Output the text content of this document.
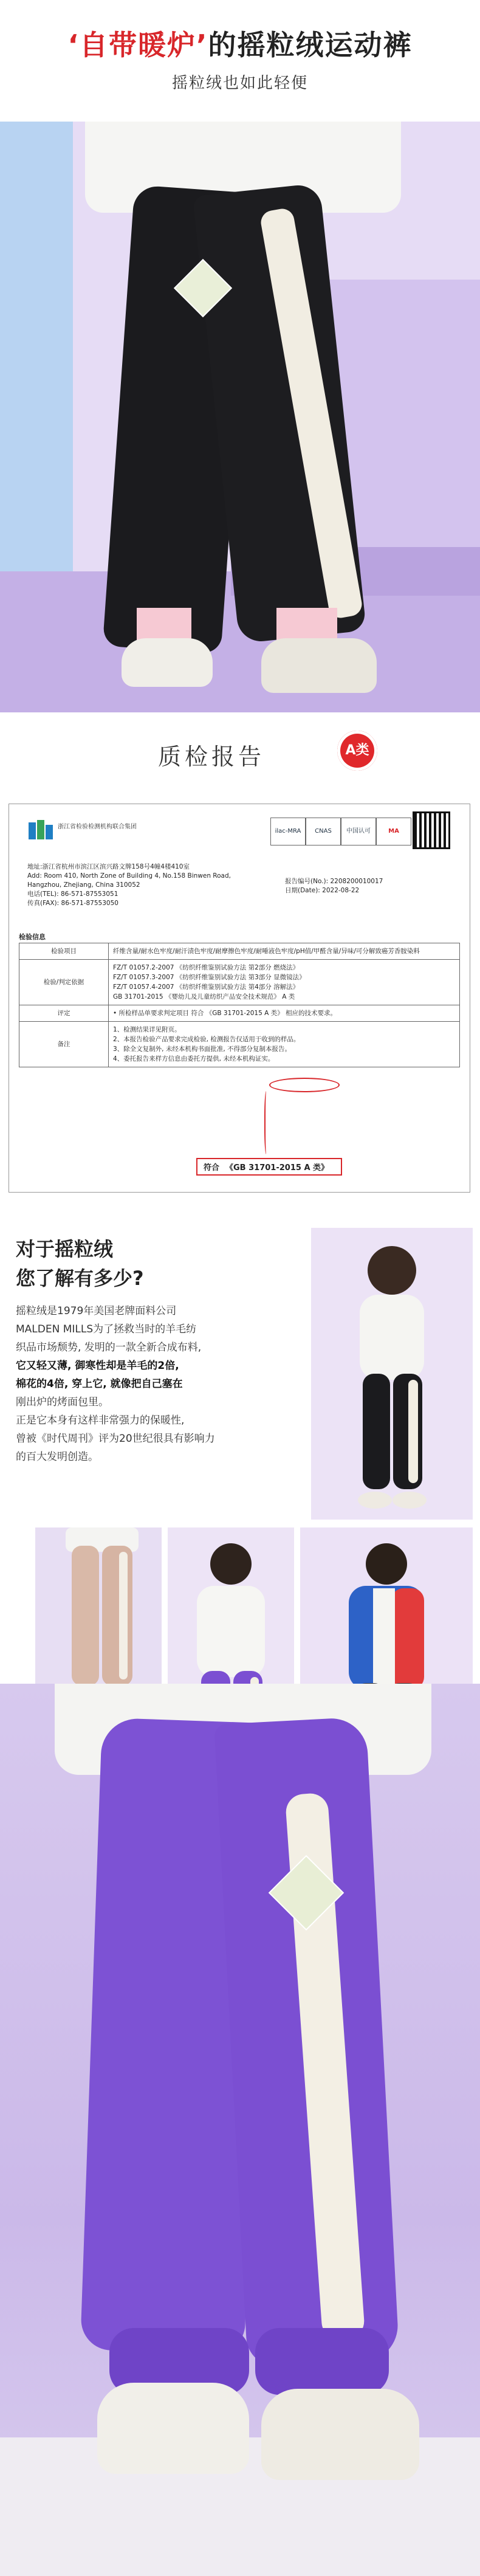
‘自带暖炉’的摇粒绒运动裤
摇粒绒也如此轻便
质检报告	A类
浙江省检验检测机构联合集团
ilac-MRA	CNAS	中国认可	MA
地址:浙江省杭州市滨江区滨兴路文牌158号4幢4楼410室
Add: Room 410, North Zone of Building 4, No.158 Binwen Road,
Hangzhou, Zhejiang, China 310052
电话(TEL): 86-571-87553051
传真(FAX): 86-571-87553050
报告编号(No.): 2208200010017
日期(Date): 2022-08-22
检验信息
检验项目	纤维含量/耐水色牢度/耐汗渍色牢度/耐摩擦色牢度/耐唾液色牢度/pH值/甲醛含量/异味/可分解致癌芳香胺染料
检验/判定依据	FZ/T 01057.2-2007 《纺织纤维鉴别试验方法 第2部分 燃烧法》
FZ/T 01057.3-2007 《纺织纤维鉴别试验方法 第3部分 显微镜法》
FZ/T 01057.4-2007 《纺织纤维鉴别试验方法 第4部分 溶解法》
GB 31701-2015 《婴幼儿及儿童纺织产品安全技术规范》 A 类
评定	• 所检样品单要求判定项目 符合 《GB 31701-2015 A 类》 相应的技术要求。
备注	1、检测结果详见附页。
2、本报告检验产品要求完成检验, 检测报告仅适用于收到的样品。
3、除全文复制外, 未经本机构书面批准, 不得部分复制本报告。
4、委托报告来样方信息由委托方提供, 未经本机构证实。
符合 《GB 31701-2015 A 类》
对于摇粒绒
您了解有多少?
摇粒绒是1979年美国老牌面料公司
MALDEN MILLS为了拯救当时的羊毛纺
织品市场颓势, 发明的一款全新合成布料,
它又轻又薄, 御寒性却是羊毛的2倍,
棉花的4倍, 穿上它, 就像把自己塞在
刚出炉的烤面包里。
正是它本身有这样非常强力的保暖性,
曾被《时代周刊》评为20世纪很具有影响力
的百大发明创造。
